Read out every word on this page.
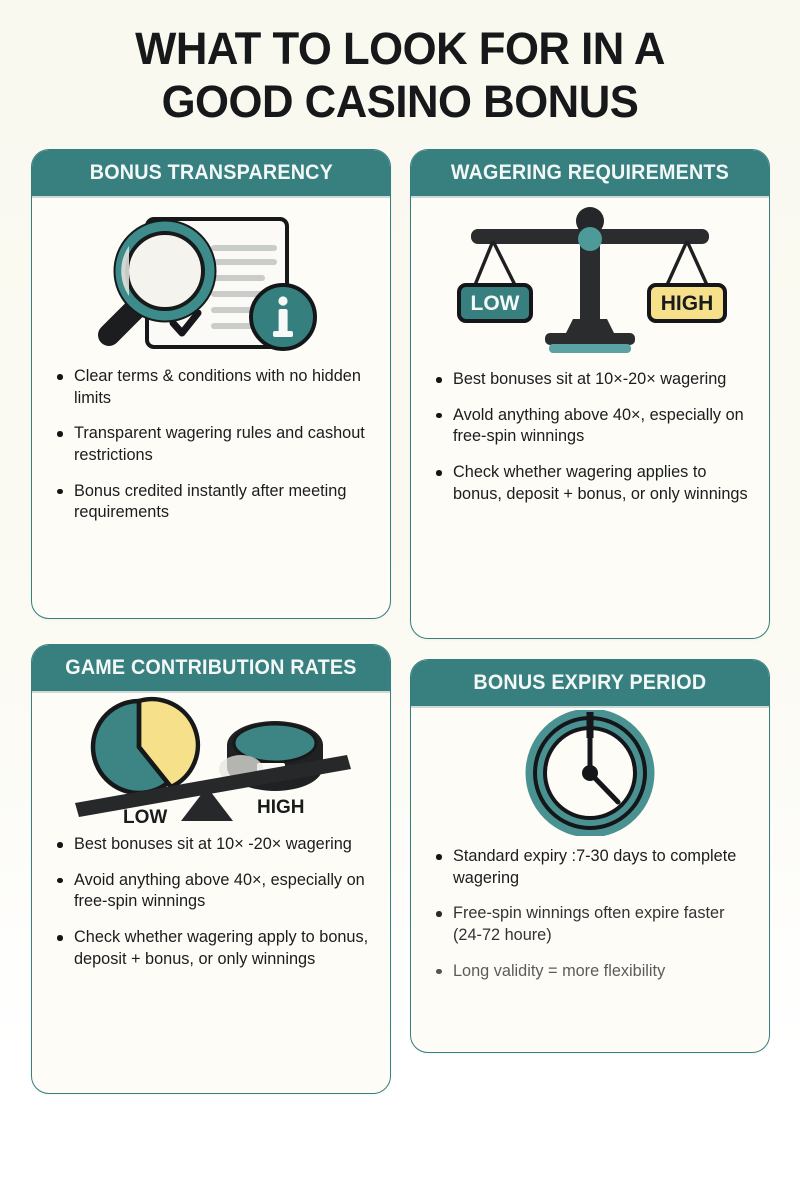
WHAT TO LOOK FOR IN A
GOOD CASINO BONUS
BONUS TRANSPARENCY
Clear terms & conditions with no hidden limits
Transparent wagering rules and cashout restrictions
Bonus credited instantly after meeting requirements
WAGERING REQUIREMENTS
LOW	HIGH
Best bonuses sit at 10×-20× wagering
Avold anything above 40×, especially on free-spin winnings
Check whether wagering applies to bonus, deposit + bonus, or only winnings
GAME CONTRIBUTION RATES
LOW	HIGH
Best bonuses sit at 10× -20× wagering
Avoid anything above 40×, especially on free-spin winnings
Check whether wagering apply to bonus, deposit + bonus, or only winnings
BONUS EXPIRY PERIOD
Standard expiry :7-30 days to complete wagering
Free-spin winnings often expire faster (24-72 houre)
Long validity = more flexibility
